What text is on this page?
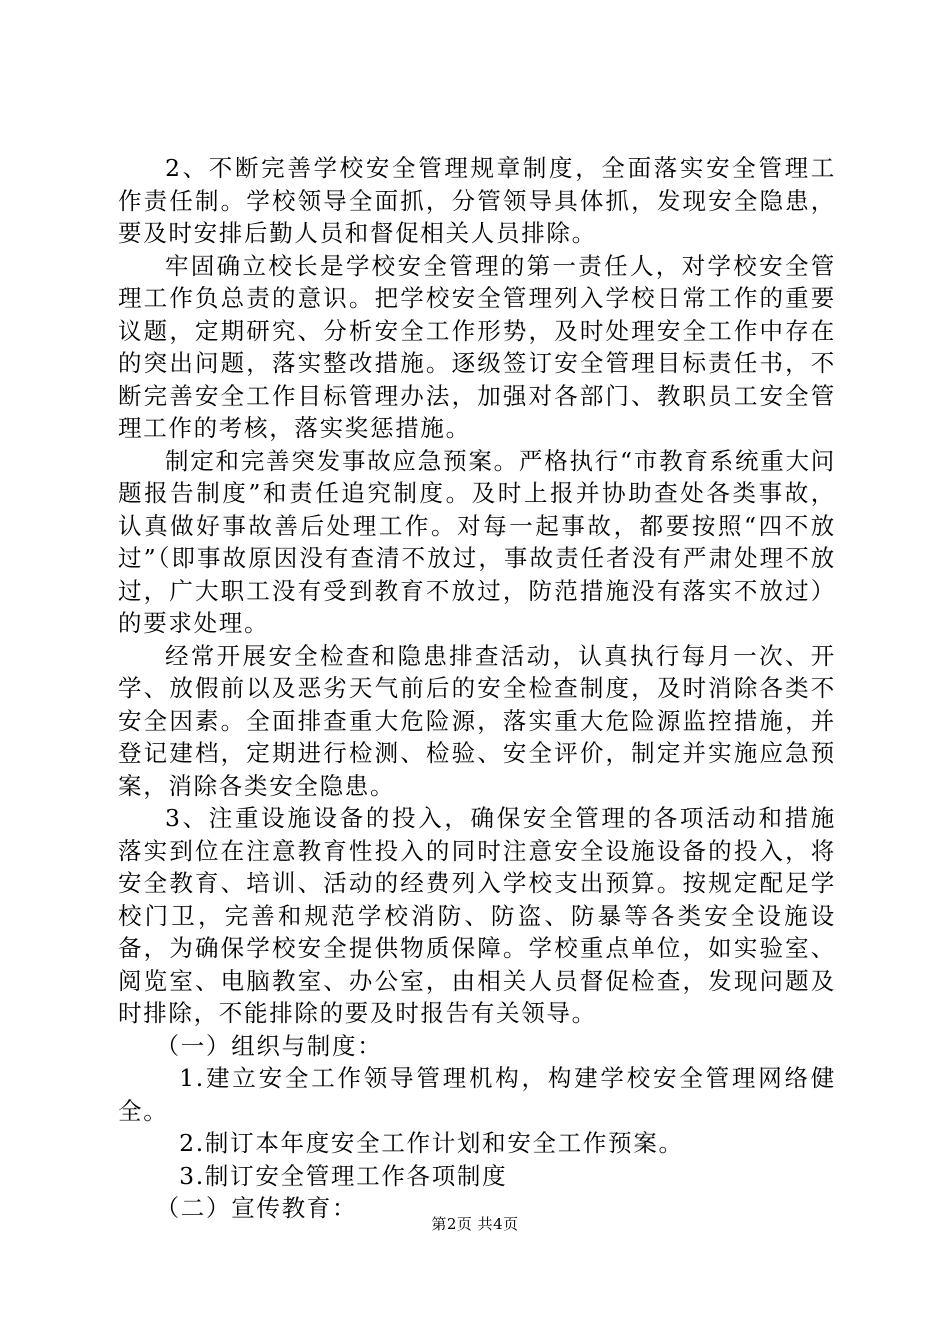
2、不断完善学校安全管理规章制度，全面落实安全管理工作责任制。学校领导全面抓，分管领导具体抓，发现安全隐患，要及时安排后勤人员和督促相关人员排除。

牢固确立校长是学校安全管理的第一责任人，对学校安全管理工作负总责的意识。把学校安全管理列入学校日常工作的重要议题，定期研究、分析安全工作形势，及时处理安全工作中存在的突出问题，落实整改措施。逐级签订安全管理目标责任书，不断完善安全工作目标管理办法，加强对各部门、教职员工安全管理工作的考核，落实奖惩措施。

制定和完善突发事故应急预案。严格执行“市教育系统重大问题报告制度”和责任追究制度。及时上报并协助查处各类事故，认真做好事故善后处理工作。对每一起事故，都要按照“四不放过”（即事故原因没有查清不放过，事故责任者没有严肃处理不放过，广大职工没有受到教育不放过，防范措施没有落实不放过）的要求处理。

经常开展安全检查和隐患排查活动，认真执行每月一次、开学、放假前以及恶劣天气前后的安全检查制度，及时消除各类不安全因素。全面排查重大危险源，落实重大危险源监控措施，并登记建档，定期进行检测、检验、安全评价，制定并实施应急预案，消除各类安全隐患。

3、注重设施设备的投入，确保安全管理的各项活动和措施落实到位在注意教育性投入的同时注意安全设施设备的投入，将安全教育、培训、活动的经费列入学校支出预算。按规定配足学校门卫，完善和规范学校消防、防盗、防暴等各类安全设施设备，为确保学校安全提供物质保障。学校重点单位，如实验室、阅览室、电脑教室、办公室，由相关人员督促检查，发现问题及时排除，不能排除的要及时报告有关领导。

（一）组织与制度：

1.建立安全工作领导管理机构，构建学校安全管理网络健全。

2.制订本年度安全工作计划和安全工作预案。

3.制订安全管理工作各项制度

（二）宣传教育：

第2页 共4页
